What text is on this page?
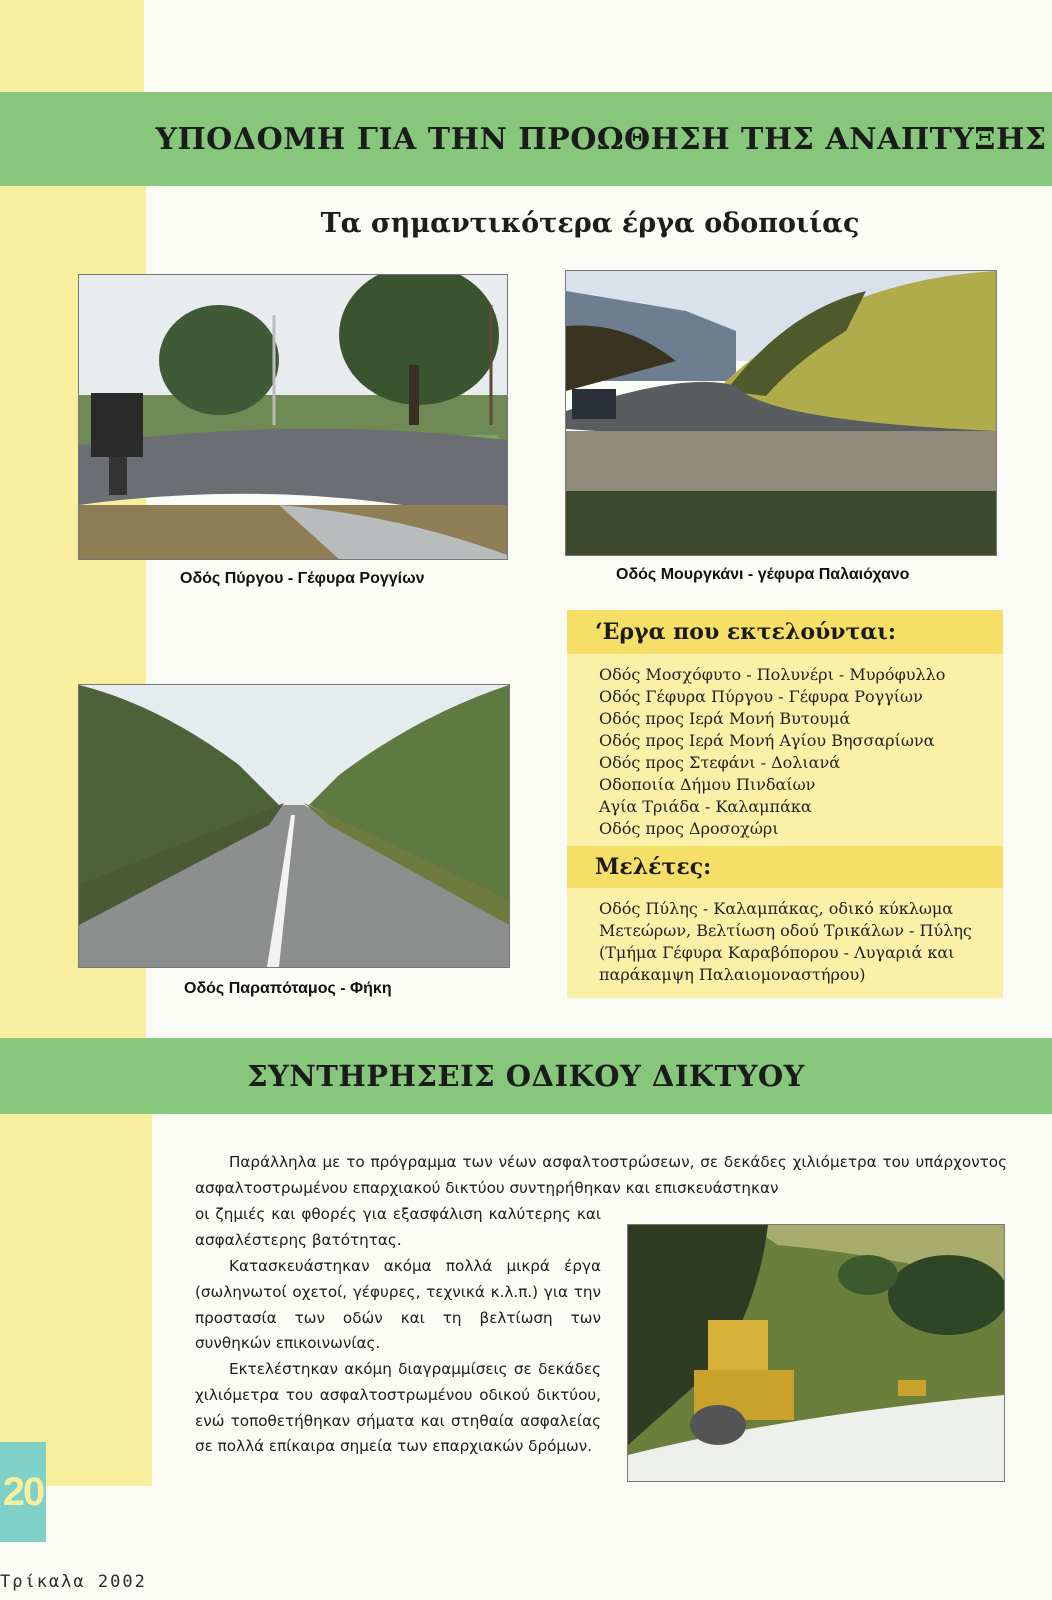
ΥΠΟΔΟΜΗ ΓΙΑ ΤΗΝ ΠΡΟΩΘΗΣΗ ΤΗΣ ΑΝΑΠΤΥΞΗΣ
Τα σημαντικότερα έργα οδοποιίας
Οδός Πύργου - Γέφυρα Ρογγίων	Οδός Μουργκάνι - γέφυρα Παλαιόχανο
Οδός Παραπόταμος - Φήκη
‘Εργα που εκτελούνται:
Οδός Μοσχόφυτο - Πολυνέρι - Μυρόφυλλο
Οδός Γέφυρα Πύργου - Γέφυρα Ρογγίων
Οδός προς Ιερά Μονή Βυτουμά
Οδός προς Ιερά Μονή Αγίου Βησσαρίωνα
Οδός προς Στεφάνι - Δολιανά
Οδοποιία Δήμου Πινδαίων
Αγία Τριάδα - Καλαμπάκα
Οδός προς Δροσοχώρι
Μελέτες:
Οδός Πύλης - Καλαμπάκας, οδικό κύκλωμα
Μετεώρων, Βελτίωση οδού Τρικάλων - Πύλης
(Τμήμα Γέφυρα Καραβόπορου - Λυγαριά και
παράκαμψη Παλαιομοναστήρου)
ΣΥΝΤΗΡΗΣΕΙΣ ΟΔΙΚΟΥ ΔΙΚΤΥΟΥ

Παράλληλα με το πρόγραμμα των νέων ασφαλτοστρώσεων, σε δεκάδες χιλιόμετρα του υπάρχοντος ασφαλτοστρωμένου επαρχιακού δικτύου συντηρήθηκαν και επισκευάστηκαν

οι ζημιές και φθορές για εξασφάλιση καλύτερης και ασφαλέστερης βατότητας.

Κατασκευάστηκαν ακόμα πολλά μικρά έργα (σωληνωτοί οχετοί, γέφυρες, τεχνικά κ.λ.π.) για την προστασία των οδών και τη βελτίωση των συνθηκών επικοινωνίας.

Εκτελέστηκαν ακόμη διαγραμμίσεις σε δεκάδες χιλιόμετρα του ασφαλτοστρωμένου οδικού δικτύου, ενώ τοποθετήθηκαν σήματα και στηθαία ασφαλείας σε πολλά επίκαιρα σημεία των επαρχιακών δρόμων.

20
Τρίκαλα 2002
